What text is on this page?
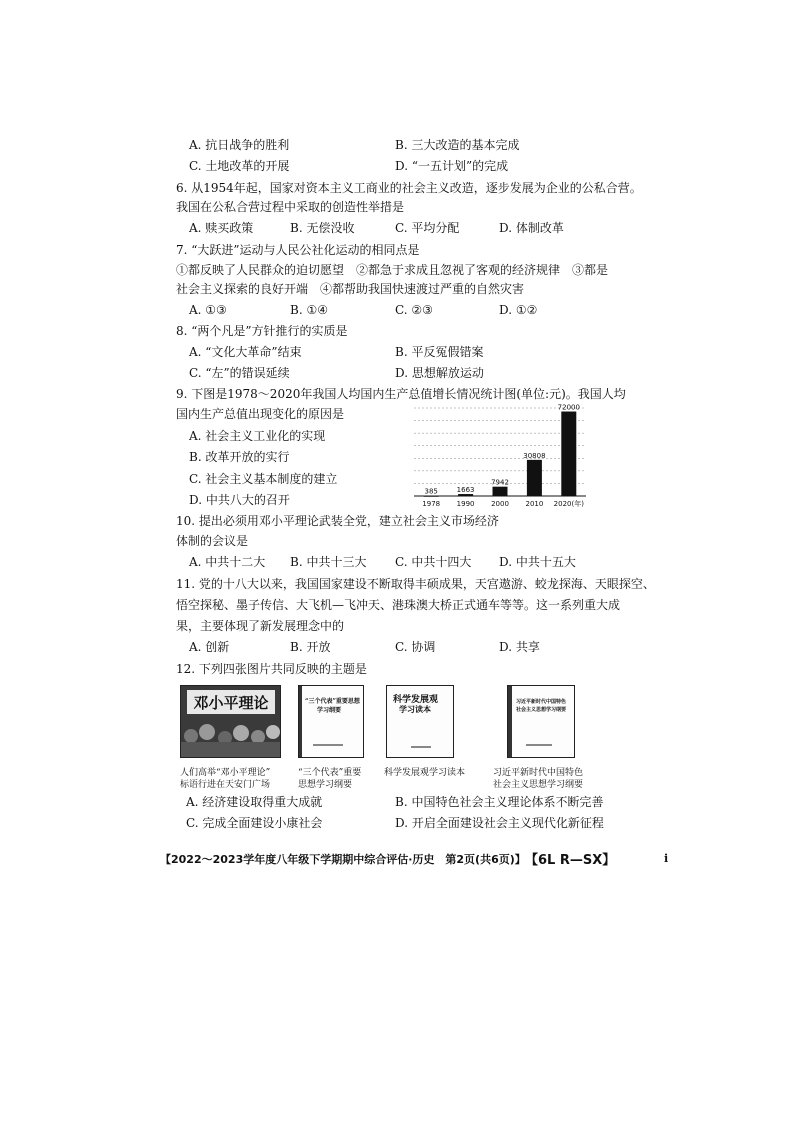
A. 抗日战争的胜利	B. 三大改造的基本完成
C. 土地改革的开展	D. “一五计划”的完成
6. 从1954年起，国家对资本主义工商业的社会主义改造，逐步发展为企业的公私合营。
我国在公私合营过程中采取的创造性举措是
A. 赎买政策	B. 无偿没收	C. 平均分配	D. 体制改革
7. “大跃进”运动与人民公社化运动的相同点是
①都反映了人民群众的迫切愿望　②都急于求成且忽视了客观的经济规律　③都是
社会主义探索的良好开端　④都帮助我国快速渡过严重的自然灾害
A. ①③	B. ①④	C. ②③	D. ①②
8. “两个凡是”方针推行的实质是
A. “文化大革命”结束	B. 平反冤假错案
C. “左”的错误延续	D. 思想解放运动
9. 下图是1978～2020年我国人均国内生产总值增长情况统计图(单位:元)。我国人均
国内生产总值出现变化的原因是
A. 社会主义工业化的实现
B. 改革开放的实行
C. 社会主义基本制度的建立
D. 中共八大的召开
385
1978
1663
1990
7942
2000
30808
2010
72000
2020(年)
10. 提出必须用邓小平理论武装全党，建立社会主义市场经济
体制的会议是
A. 中共十二大 B. 中共十三大 C. 中共十四大 D. 中共十五大
11. 党的十八大以来，我国国家建设不断取得丰硕成果，天宫遨游、蛟龙探海、天眼探空、
悟空探秘、墨子传信、大飞机—飞冲天、港珠澳大桥正式通车等等。这一系列重大成
果，主要体现了新发展理念中的
A. 创新	B. 开放	C. 协调	D. 共享
12. 下列四张图片共同反映的主题是
邓小平理论
人们高举“邓小平理论”
标语行进在天安门广场
“三个代表”重要思想
学习纲要
“三个代表”重要
思想学习纲要
科学发展观
学习读本
科学发展观学习读本
习近平新时代中国特色
社会主义思想学习纲要
习近平新时代中国特色
社会主义思想学习纲要
A. 经济建设取得重大成就	B. 中国特色社会主义理论体系不断完善
C. 完成全面建设小康社会	D. 开启全面建设社会主义现代化新征程
【2022～2023学年度八年级下学期期中综合评估·历史　第2页(共6页)】 【6L R—SX】	i
